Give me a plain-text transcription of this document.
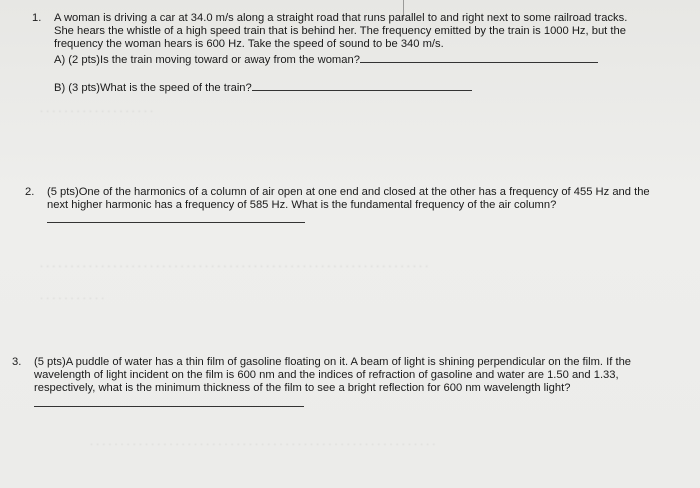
. . . . . . . . . . . . . . . . . . .
. . . . . . . . . . . . . . . . . . . . . . . . . . . . . . . . . . . . . . . . . . . . . . . . . . . . . . . . . . . . . . . .
. . . . . . . . . . .
. . . . . . . . . . . . . . . . . . . . . . . . . . . . . . . . . . . . . . . . . . . . . . . . . . . . . . . . .
1. A woman is driving a car at 34.0 m/s along a straight road that runs parallel to and right next to some railroad tracks. She hears the whistle of a high speed train that is behind her. The frequency emitted by the train is 1000 Hz, but the frequency the woman hears is 600 Hz. Take the speed of sound to be 340 m/s.
A) (2 pts)Is the train moving toward or away from the woman?
B) (3 pts)What is the speed of the train?
2. (5 pts)One of the harmonics of a column of air open at one end and closed at the other has a frequency of 455 Hz and the next higher harmonic has a frequency of 585 Hz. What is the fundamental frequency of the air column?
3. (5 pts)A puddle of water has a thin film of gasoline floating on it. A beam of light is shining perpendicular on the film. If the wavelength of light incident on the film is 600 nm and the indices of refraction of gasoline and water are 1.50 and 1.33, respectively, what is the minimum thickness of the film to see a bright reflection for 600 nm wavelength light?
